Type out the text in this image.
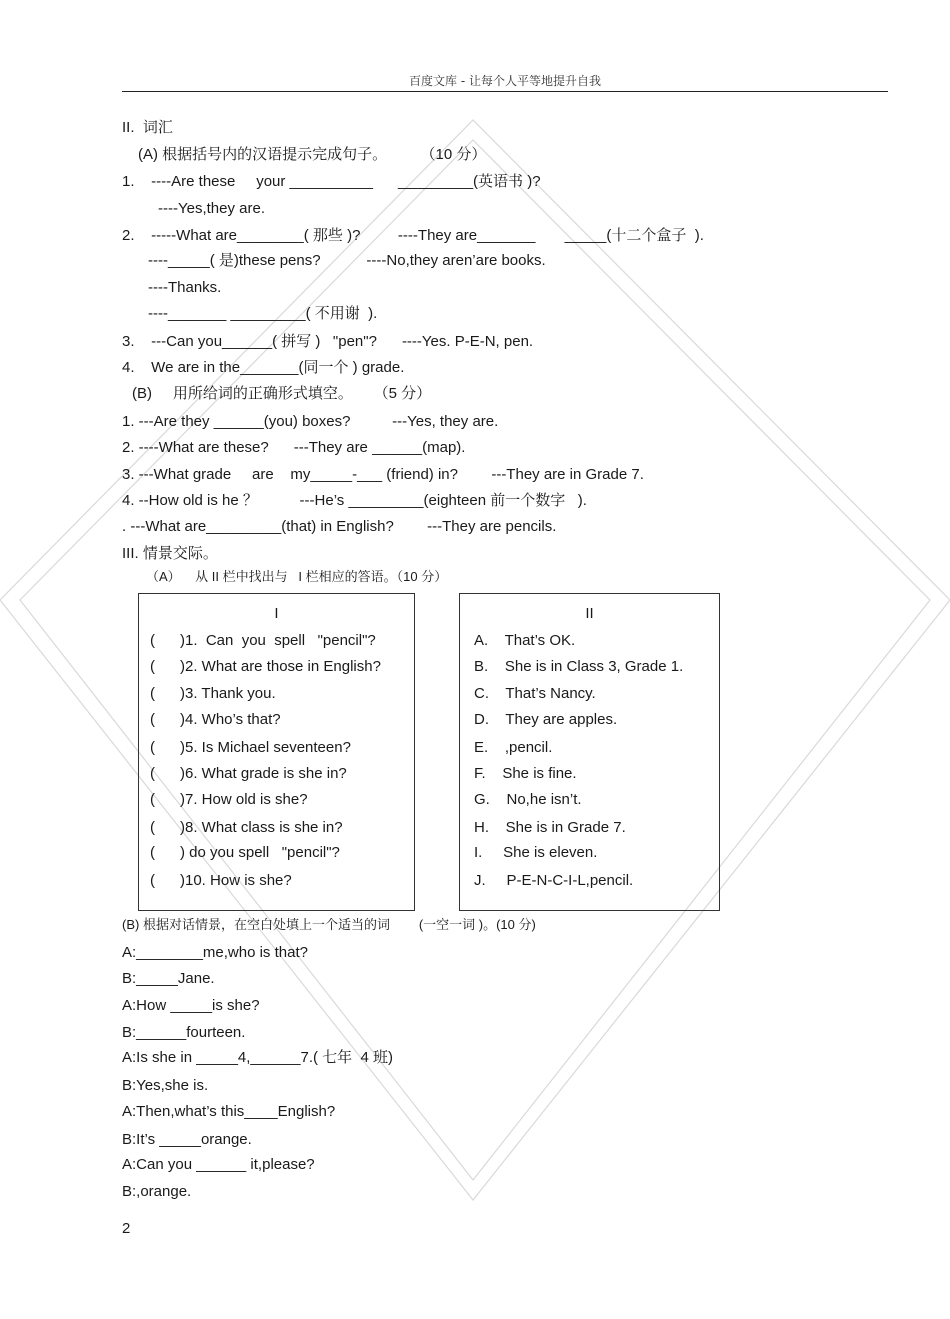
百度文库 - 让每个人平等地提升自我
II.  词汇
(A) 根据括号内的汉语提示完成句子。        （10 分）
1.    ----Are these     your __________      _________(英语书 )?
----Yes,they are.
2.    -----What are________( 那些 )?         ----They are_______       _____(十二个盒子  ).
----_____( 是)these pens?           ----No,they aren’are books.
----Thanks.
----_______ _________( 不用谢  ).
3.    ---Can you______( 拼写 )   "pen"?      ----Yes. P-E-N, pen.
4.    We are in the_______(同一个 ) grade.
(B)     用所给词的正确形式填空。     （5 分）
1. ---Are they ______(you) boxes?          ---Yes, they are.
2. ----What are these?      ---They are ______(map).
3. ---What grade     are    my_____-___ (friend) in?        ---They are in Grade 7.
4. --How old is he ？          ---He’s _________(eighteen 前一个数字   ).
. ---What are_________(that) in English?        ---They are pencils.
III. 情景交际。
（A）    从 II 栏中找出与   I 栏相应的答语。（10 分）
I
(      )1.  Can  you  spell   "pencil"?
(      )2. What are those in English?
(      )3. Thank you.
(      )4. Who’s that?
(      )5. Is Michael seventeen?
(      )6. What grade is she in?
(      )7. How old is she?
(      )8. What class is she in?
(      ) do you spell   "pencil"?
(      )10. How is she?
II
A.    That’s OK.
B.    She is in Class 3, Grade 1.
C.    That’s Nancy.
D.    They are apples.
E.    ,pencil.
F.    She is fine.
G.    No,he isn’t.
H.    She is in Grade 7.
I.     She is eleven.
J.     P-E-N-C-I-L,pencil.
(B) 根据对话情景，在空白处填上一个适当的词        (一空一词 )。(10 分)
A:________me,who is that?
B:_____Jane.
A:How _____is she?
B:______fourteen.
A:Is she in _____4,______7.( 七年  4 班)
B:Yes,she is.
A:Then,what’s this____English?
B:It’s _____orange.
A:Can you ______ it,please?
B:,orange.
2
